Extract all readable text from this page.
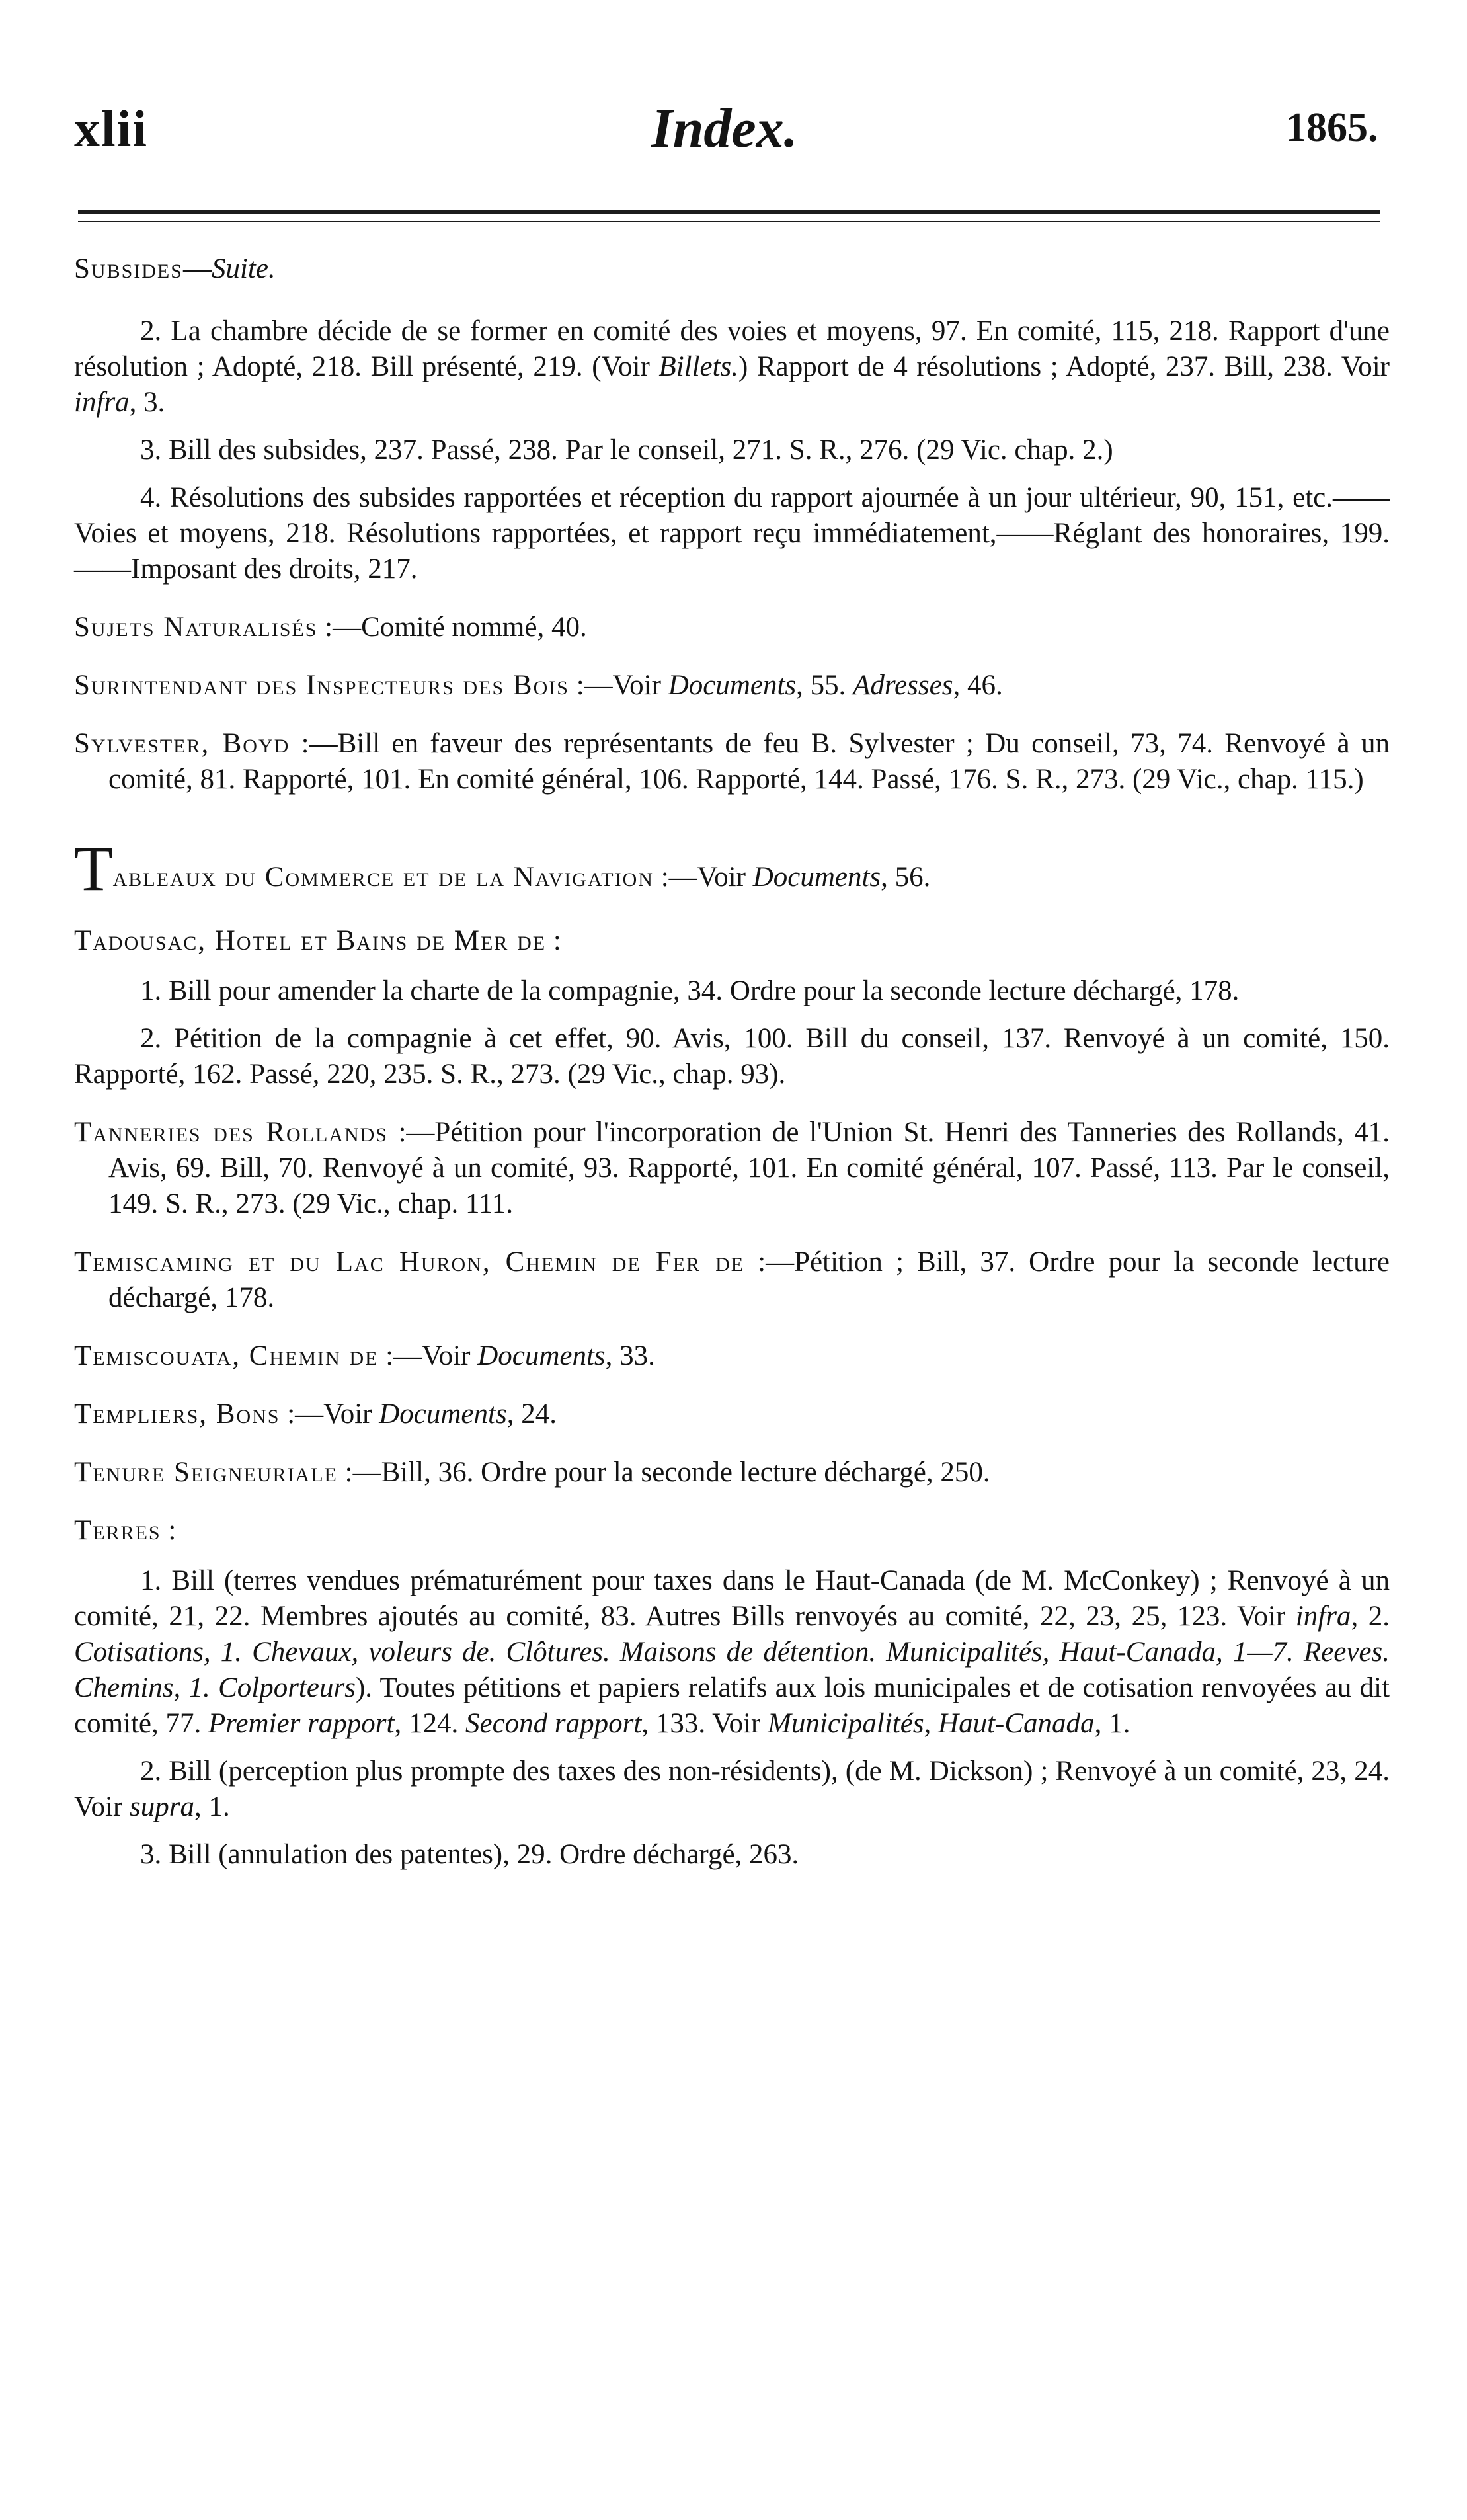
xlii	Index.	1865.
Subsides—Suite.
2. La chambre décide de se former en comité des voies et moyens, 97. En comité, 115, 218. Rapport d'une résolution ; Adopté, 218. Bill présenté, 219. (Voir Billets.) Rapport de 4 résolutions ; Adopté, 237. Bill, 238. Voir infra, 3.
3. Bill des subsides, 237. Passé, 238. Par le conseil, 271. S. R., 276. (29 Vic. chap. 2.)
4. Résolutions des subsides rapportées et réception du rapport ajournée à un jour ultérieur, 90, 151, etc.——Voies et moyens, 218. Résolutions rapportées, et rapport reçu immédiatement,——Réglant des honoraires, 199.——Imposant des droits, 217.
Sujets Naturalisés :—Comité nommé, 40.
Surintendant des Inspecteurs des Bois :—Voir Documents, 55. Adresses, 46.
Sylvester, Boyd :—Bill en faveur des représentants de feu B. Sylvester ; Du conseil, 73, 74. Renvoyé à un comité, 81. Rapporté, 101. En comité général, 106. Rapporté, 144. Passé, 176. S. R., 273. (29 Vic., chap. 115.)
Tableaux du Commerce et de la Navigation :—Voir Documents, 56.
Tadousac, Hotel et Bains de Mer de :
1. Bill pour amender la charte de la compagnie, 34. Ordre pour la seconde lecture déchargé, 178.
2. Pétition de la compagnie à cet effet, 90. Avis, 100. Bill du conseil, 137. Renvoyé à un comité, 150. Rapporté, 162. Passé, 220, 235. S. R., 273. (29 Vic., chap. 93).
Tanneries des Rollands :—Pétition pour l'incorporation de l'Union St. Henri des Tanneries des Rollands, 41. Avis, 69. Bill, 70. Renvoyé à un comité, 93. Rapporté, 101. En comité général, 107. Passé, 113. Par le conseil, 149. S. R., 273. (29 Vic., chap. 111.
Temiscaming et du Lac Huron, Chemin de Fer de :—Pétition ; Bill, 37. Ordre pour la seconde lecture déchargé, 178.
Temiscouata, Chemin de :—Voir Documents, 33.
Templiers, Bons :—Voir Documents, 24.
Tenure Seigneuriale :—Bill, 36. Ordre pour la seconde lecture déchargé, 250.
Terres :
1. Bill (terres vendues prématurément pour taxes dans le Haut-Canada (de M. McConkey) ; Renvoyé à un comité, 21, 22. Membres ajoutés au comité, 83. Autres Bills renvoyés au comité, 22, 23, 25, 123. Voir infra, 2. Cotisations, 1. Chevaux, voleurs de. Clôtures. Maisons de détention. Municipalités, Haut-Canada, 1—7. Reeves. Chemins, 1. Colporteurs). Toutes pétitions et papiers relatifs aux lois municipales et de cotisation renvoyées au dit comité, 77. Premier rapport, 124. Second rapport, 133. Voir Municipalités, Haut-Canada, 1.
2. Bill (perception plus prompte des taxes des non-résidents), (de M. Dickson) ; Renvoyé à un comité, 23, 24. Voir supra, 1.
3. Bill (annulation des patentes), 29. Ordre déchargé, 263.
